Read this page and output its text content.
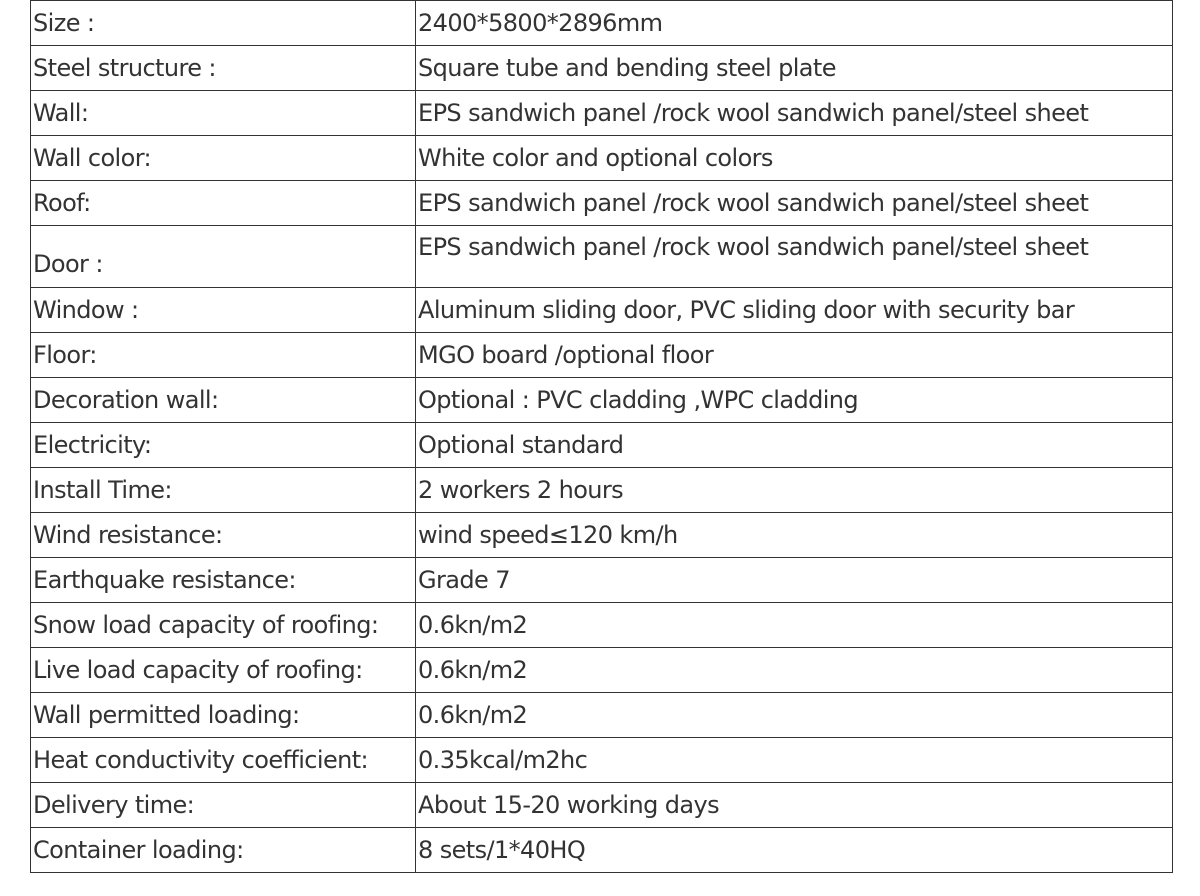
Size :	2400*5800*2896mm
Steel structure :	Square tube and bending steel plate
Wall:	EPS sandwich panel /rock wool sandwich panel/steel sheet
Wall color:	White color and optional colors
Roof:	EPS sandwich panel /rock wool sandwich panel/steel sheet
Door :	EPS sandwich panel /rock wool sandwich panel/steel sheet
Window :	Aluminum sliding door, PVC sliding door with security bar
Floor:	MGO board /optional floor
Decoration wall:	Optional : PVC cladding ,WPC cladding
Electricity:	Optional standard
Install Time:	2 workers 2 hours
Wind resistance:	wind speed≤120 km/h
Earthquake resistance:	Grade 7
Snow load capacity of roofing:	0.6kn/m2
Live load capacity of roofing:	0.6kn/m2
Wall permitted loading:	0.6kn/m2
Heat conductivity coefficient:	0.35kcal/m2hc
Delivery time:	About 15-20 working days
Container loading:	8 sets/1*40HQ
